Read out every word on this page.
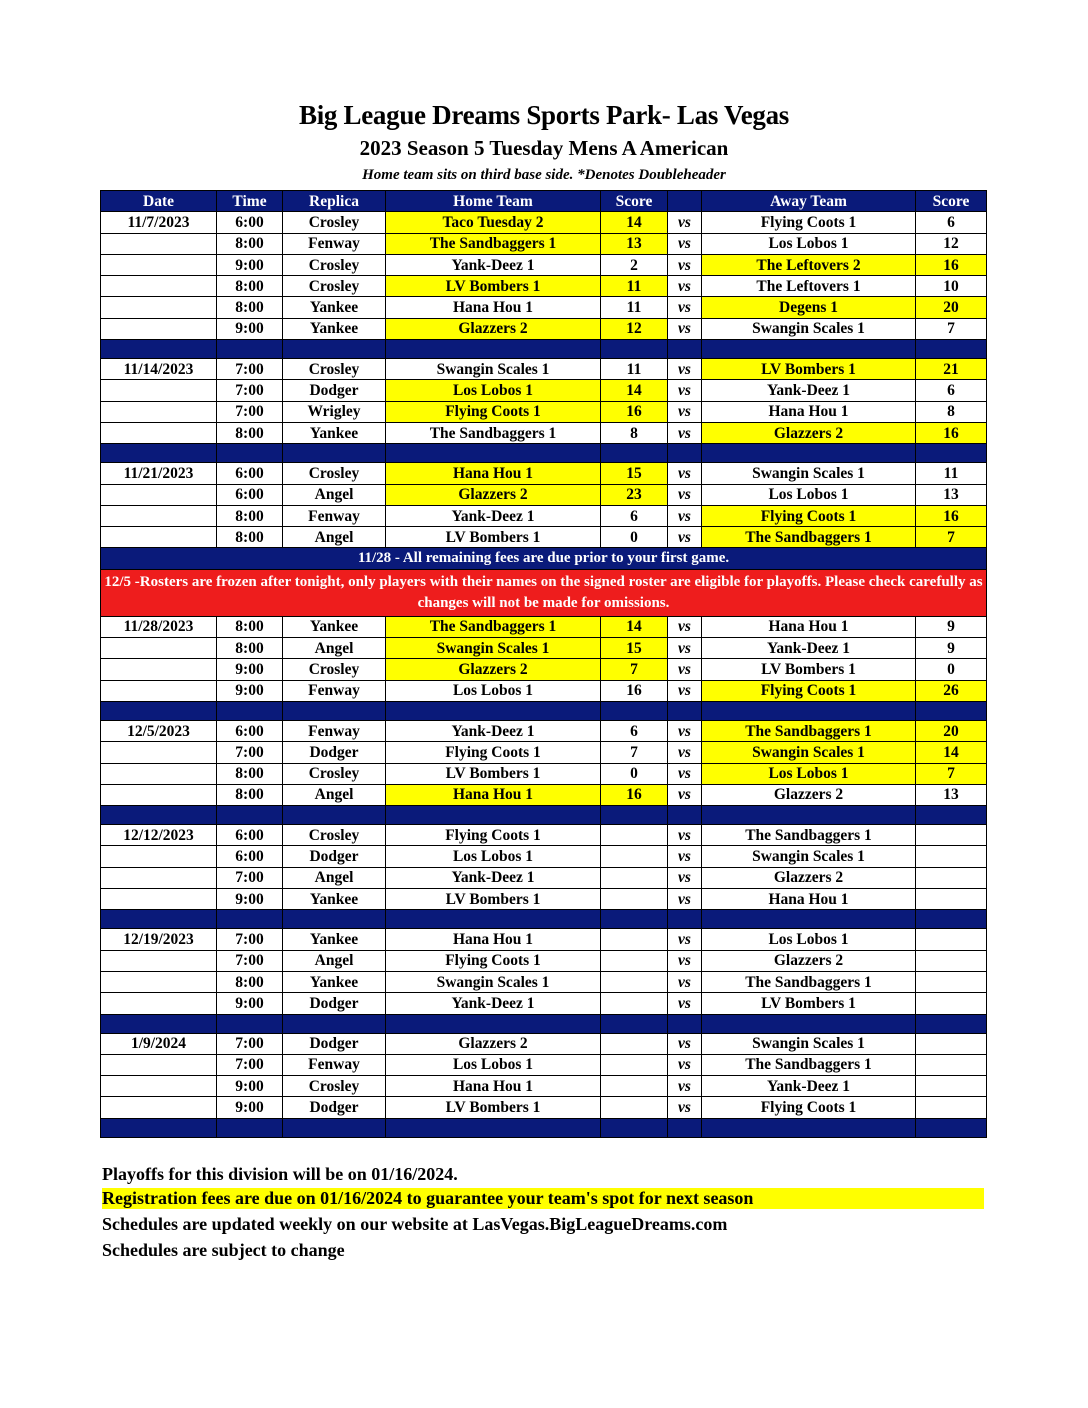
Big League Dreams Sports Park- Las Vegas
2023 Season 5 Tuesday Mens A American
Home team sits on third base side. *Denotes Doubleheader
Date	Time	Replica	Home Team	Score		Away Team	Score
11/7/2023	6:00	Crosley	Taco Tuesday 2	14	vs	Flying Coots 1	6
	8:00	Fenway	The Sandbaggers 1	13	vs	Los Lobos 1	12
	9:00	Crosley	Yank-Deez 1	2	vs	The Leftovers 2	16
	8:00	Crosley	LV Bombers 1	11	vs	The Leftovers 1	10
	8:00	Yankee	Hana Hou 1	11	vs	Degens 1	20
	9:00	Yankee	Glazzers 2	12	vs	Swangin Scales 1	7

11/14/2023	7:00	Crosley	Swangin Scales 1	11	vs	LV Bombers 1	21
	7:00	Dodger	Los Lobos 1	14	vs	Yank-Deez 1	6
	7:00	Wrigley	Flying Coots 1	16	vs	Hana Hou 1	8
	8:00	Yankee	The Sandbaggers 1	8	vs	Glazzers 2	16

11/21/2023	6:00	Crosley	Hana Hou 1	15	vs	Swangin Scales 1	11
	6:00	Angel	Glazzers 2	23	vs	Los Lobos 1	13
	8:00	Fenway	Yank-Deez 1	6	vs	Flying Coots 1	16
	8:00	Angel	LV Bombers 1	0	vs	The Sandbaggers 1	7
11/28 - All remaining fees are due prior to your first game.							
12/5 -Rosters are frozen after tonight, only players with their names on the signed roster are eligible for playoffs. Please check carefully as changes will not be made for omissions.							
11/28/2023	8:00	Yankee	The Sandbaggers 1	14	vs	Hana Hou 1	9
	8:00	Angel	Swangin Scales 1	15	vs	Yank-Deez 1	9
	9:00	Crosley	Glazzers 2	7	vs	LV Bombers 1	0
	9:00	Fenway	Los Lobos 1	16	vs	Flying Coots 1	26

12/5/2023	6:00	Fenway	Yank-Deez 1	6	vs	The Sandbaggers 1	20
	7:00	Dodger	Flying Coots 1	7	vs	Swangin Scales 1	14
	8:00	Crosley	LV Bombers 1	0	vs	Los Lobos 1	7
	8:00	Angel	Hana Hou 1	16	vs	Glazzers 2	13

12/12/2023	6:00	Crosley	Flying Coots 1		vs	The Sandbaggers 1	
	6:00	Dodger	Los Lobos 1		vs	Swangin Scales 1	
	7:00	Angel	Yank-Deez 1		vs	Glazzers 2	
	9:00	Yankee	LV Bombers 1		vs	Hana Hou 1	

12/19/2023	7:00	Yankee	Hana Hou 1		vs	Los Lobos 1	
	7:00	Angel	Flying Coots 1		vs	Glazzers 2	
	8:00	Yankee	Swangin Scales 1		vs	The Sandbaggers 1	
	9:00	Dodger	Yank-Deez 1		vs	LV Bombers 1	

1/9/2024	7:00	Dodger	Glazzers 2		vs	Swangin Scales 1	
	7:00	Fenway	Los Lobos 1		vs	The Sandbaggers 1	
	9:00	Crosley	Hana Hou 1		vs	Yank-Deez 1	
	9:00	Dodger	LV Bombers 1		vs	Flying Coots 1	

Playoffs for this division will be on 01/16/2024.
Registration fees are due on 01/16/2024 to guarantee your team's spot for next season
Schedules are updated weekly on our website at LasVegas.BigLeagueDreams.com
Schedules are subject to change
